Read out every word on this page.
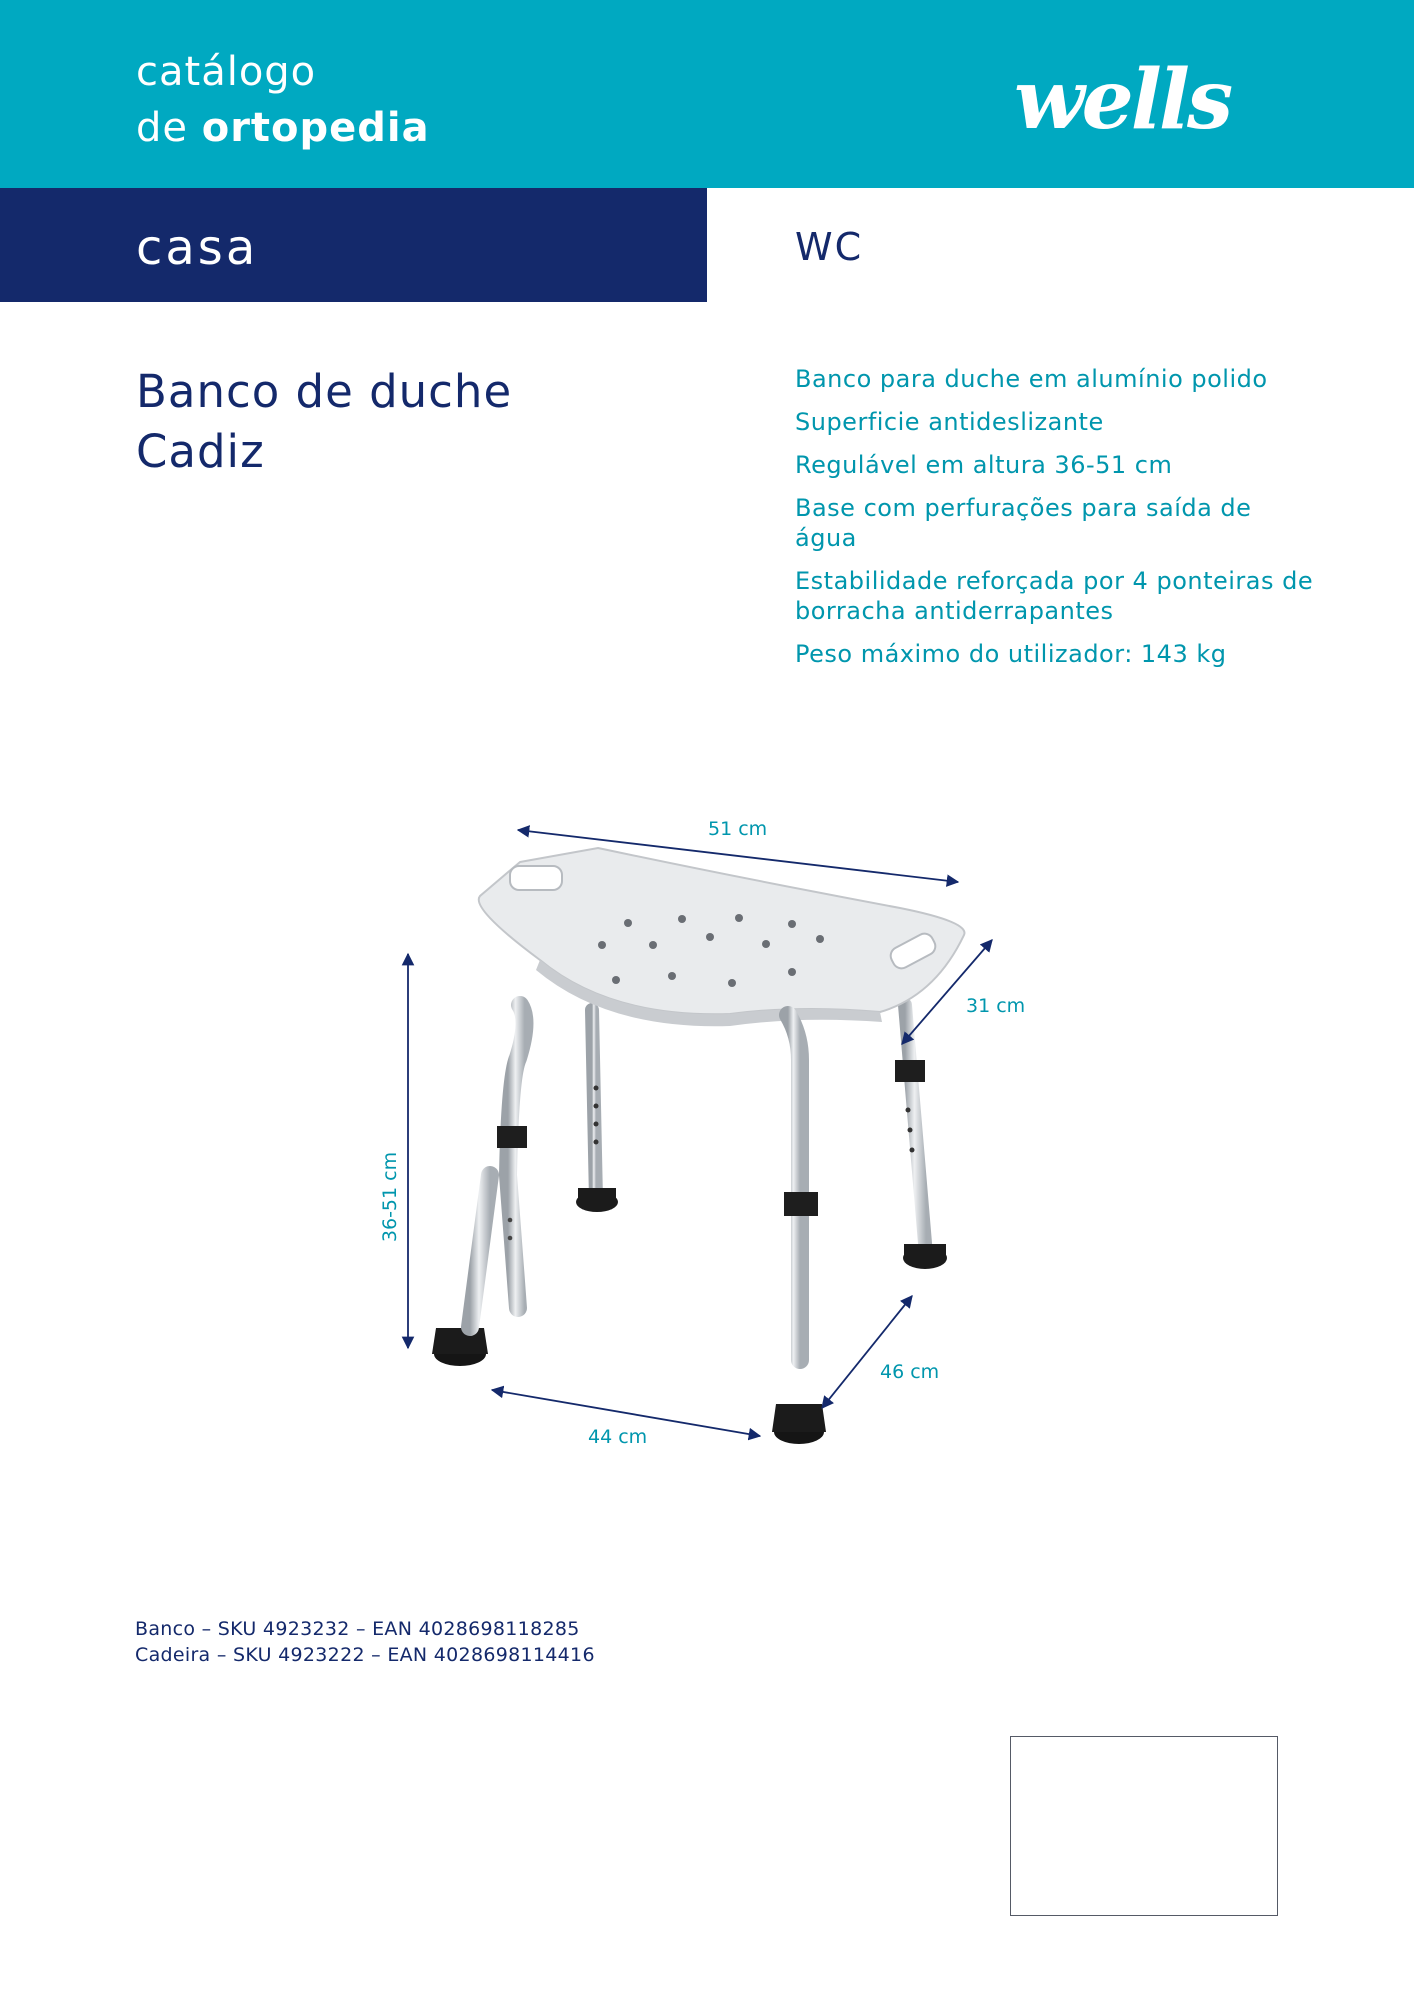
catálogo
de ortopedia	wells
casa	WC
Banco de duche
Cadiz
Banco para duche em alumínio polido
Superficie antideslizante
Regulável em altura 36-51 cm
Base com perfurações para saída de água
Estabilidade reforçada por 4 ponteiras de borracha antiderrapantes
Peso máximo do utilizador: 143 kg
51 cm
31 cm
36-51 cm
44 cm
46 cm
Banco – SKU 4923232 – EAN 4028698118285
Cadeira – SKU 4923222 – EAN 4028698114416
